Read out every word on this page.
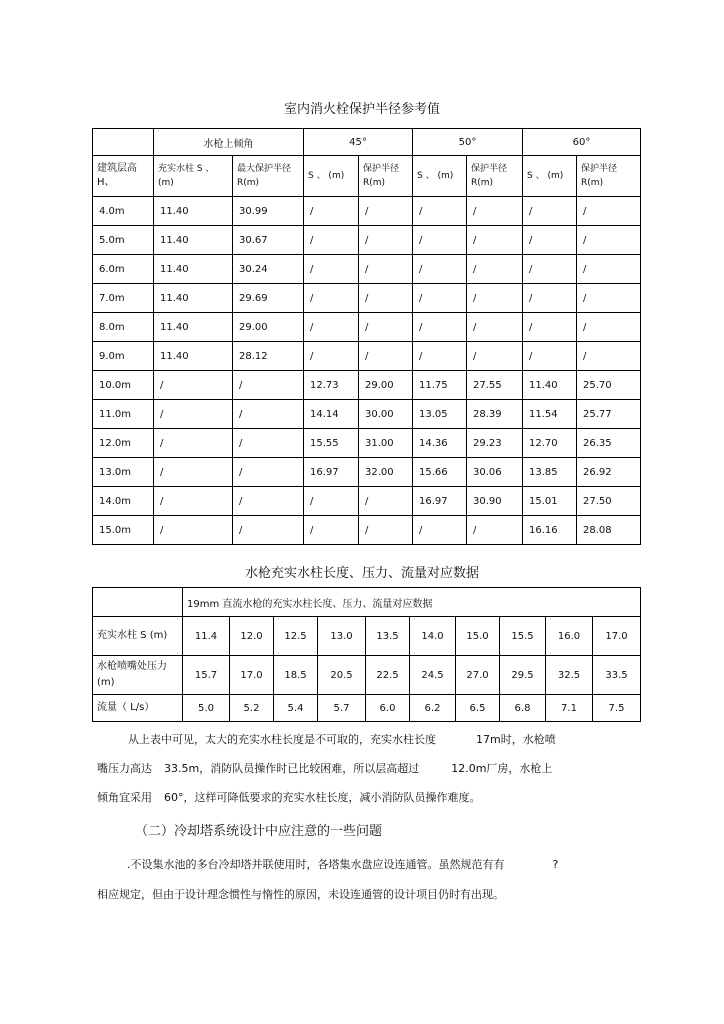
室内消火栓保护半径参考值
	水枪上倾角		45°		50°		60°	
建筑层高 H、	充实水柱 S 、 (m)	最大保护半径 R(m)	S 、 (m)	保护半径 R(m)	S 、 (m)	保护半径 R(m)	S 、 (m)	保护半径 R(m)
4.0m	11.40	30.99	/	/	/	/	/	/
5.0m	11.40	30.67	/	/	/	/	/	/
6.0m	11.40	30.24	/	/	/	/	/	/
7.0m	11.40	29.69	/	/	/	/	/	/
8.0m	11.40	29.00	/	/	/	/	/	/
9.0m	11.40	28.12	/	/	/	/	/	/
10.0m	/	/	12.73	29.00	11.75	27.55	11.40	25.70
11.0m	/	/	14.14	30.00	13.05	28.39	11.54	25.77
12.0m	/	/	15.55	31.00	14.36	29.23	12.70	26.35
13.0m	/	/	16.97	32.00	15.66	30.06	13.85	26.92
14.0m	/	/	/	/	16.97	30.90	15.01	27.50
15.0m	/	/	/	/	/	/	16.16	28.08
水枪充实水柱长度、压力、流量对应数据
	19mm 直流水枪的充实水柱长度、压力、流量对应数据									
充实水柱 S (m)	11.4	12.0	12.5	13.0	13.5	14.0	15.0	15.5	16.0	17.0
水枪喷嘴处压力 (m)	15.7	17.0	18.5	20.5	22.5	24.5	27.0	29.5	32.5	33.5
流量（ L/s）	5.0	5.2	5.4	5.7	6.0	6.2	6.5	6.8	7.1	7.5
从上表中可见，太大的充实水柱长度是不可取的，充实水柱长度	17m时，水枪喷
嘴压力高达 33.5m，消防队员操作时已比较困难，所以层高超过	12.0m厂房，水枪上
倾角宜采用 60°，这样可降低要求的充实水柱长度，减小消防队员操作难度。
（二）冷却塔系统设计中应注意的一些问题
.不设集水池的多台冷却塔并联使用时，各塔集水盘应设连通管。虽然规范有有	?
相应规定，但由于设计理念惯性与惰性的原因，未设连通管的设计项目仍时有出现。
